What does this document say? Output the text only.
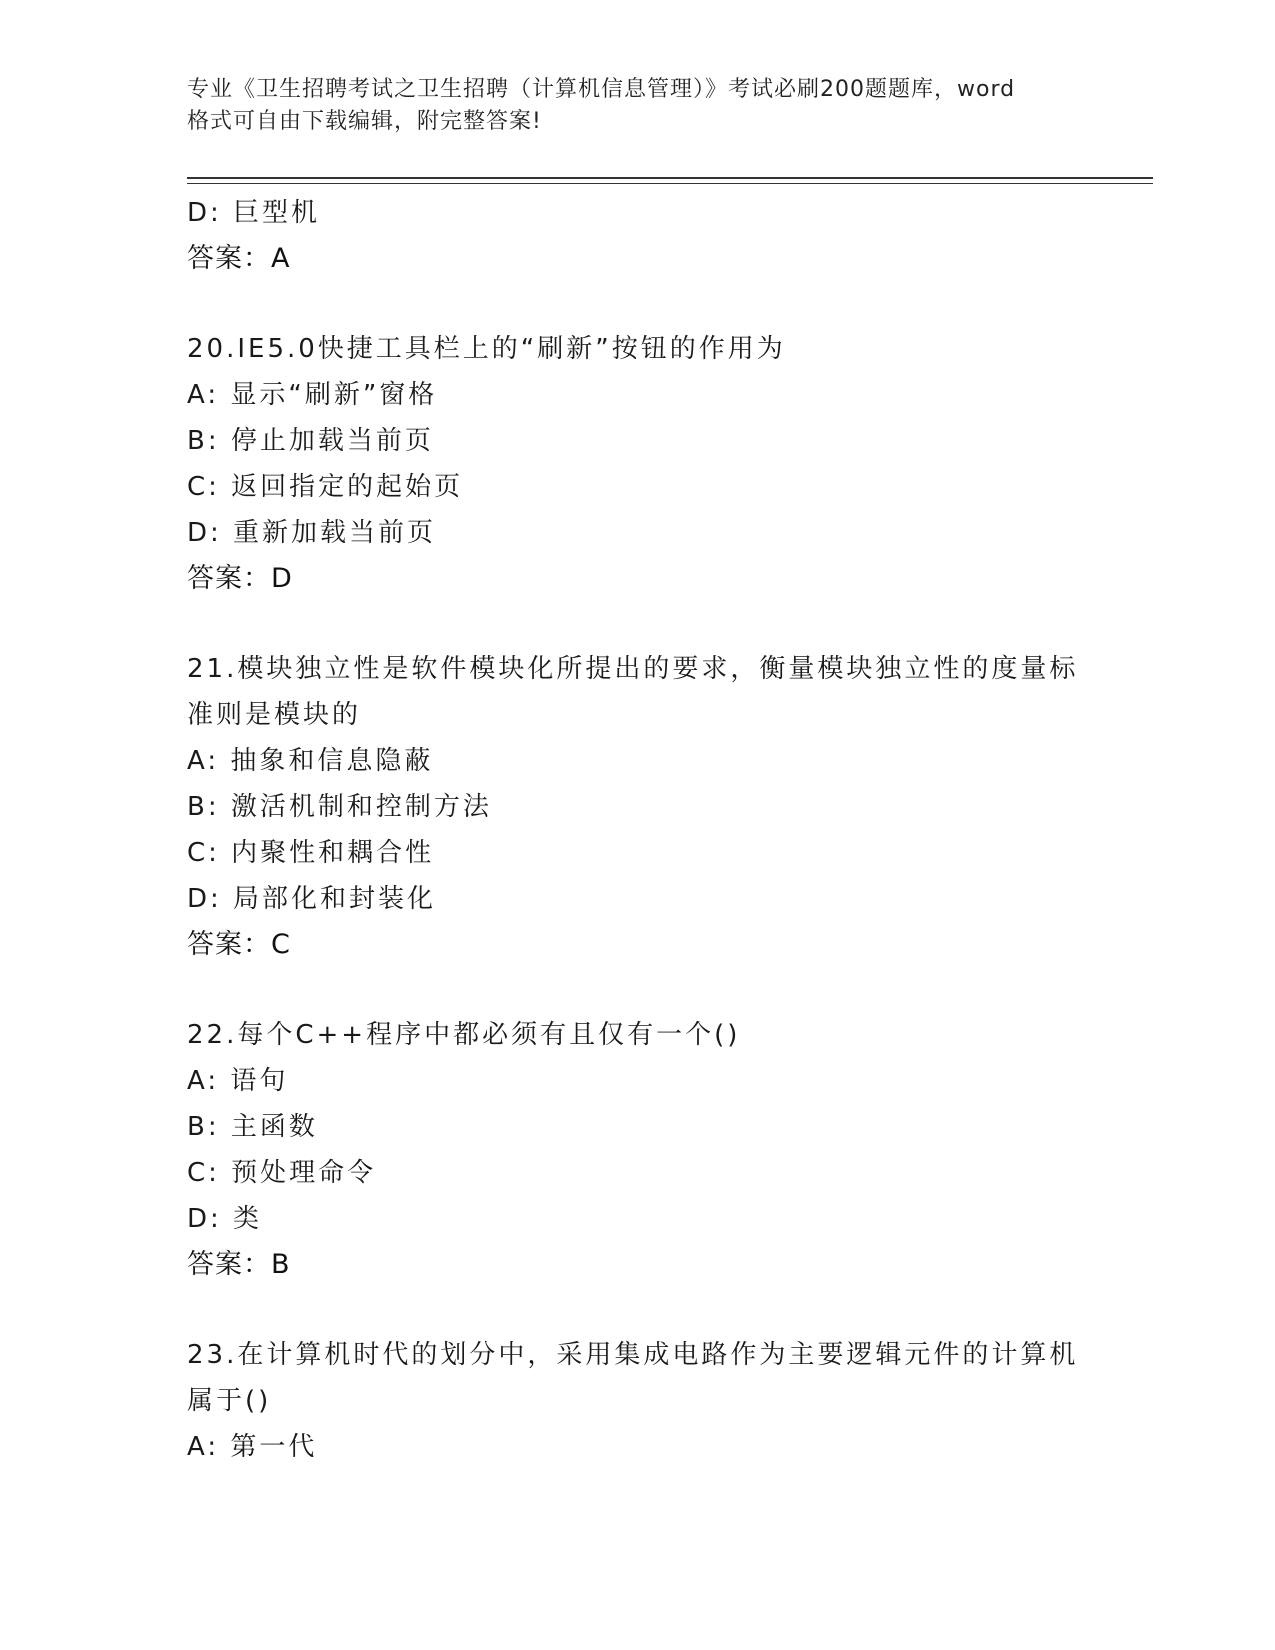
专业《卫生招聘考试之卫生招聘（计算机信息管理）》考试必刷200题题库，word
格式可自由下载编辑，附完整答案!
D: 巨型机
答案：A
20.IE5.0快捷工具栏上的“刷新”按钮的作用为
A: 显示“刷新”窗格
B: 停止加载当前页
C: 返回指定的起始页
D: 重新加载当前页
答案：D
21.模块独立性是软件模块化所提出的要求，衡量模块独立性的度量标
准则是模块的
A: 抽象和信息隐蔽
B: 激活机制和控制方法
C: 内聚性和耦合性
D: 局部化和封装化
答案：C
22.每个C++程序中都必须有且仅有一个()
A: 语句
B: 主函数
C: 预处理命令
D: 类
答案：B
23.在计算机时代的划分中，采用集成电路作为主要逻辑元件的计算机
属于()
A: 第一代
